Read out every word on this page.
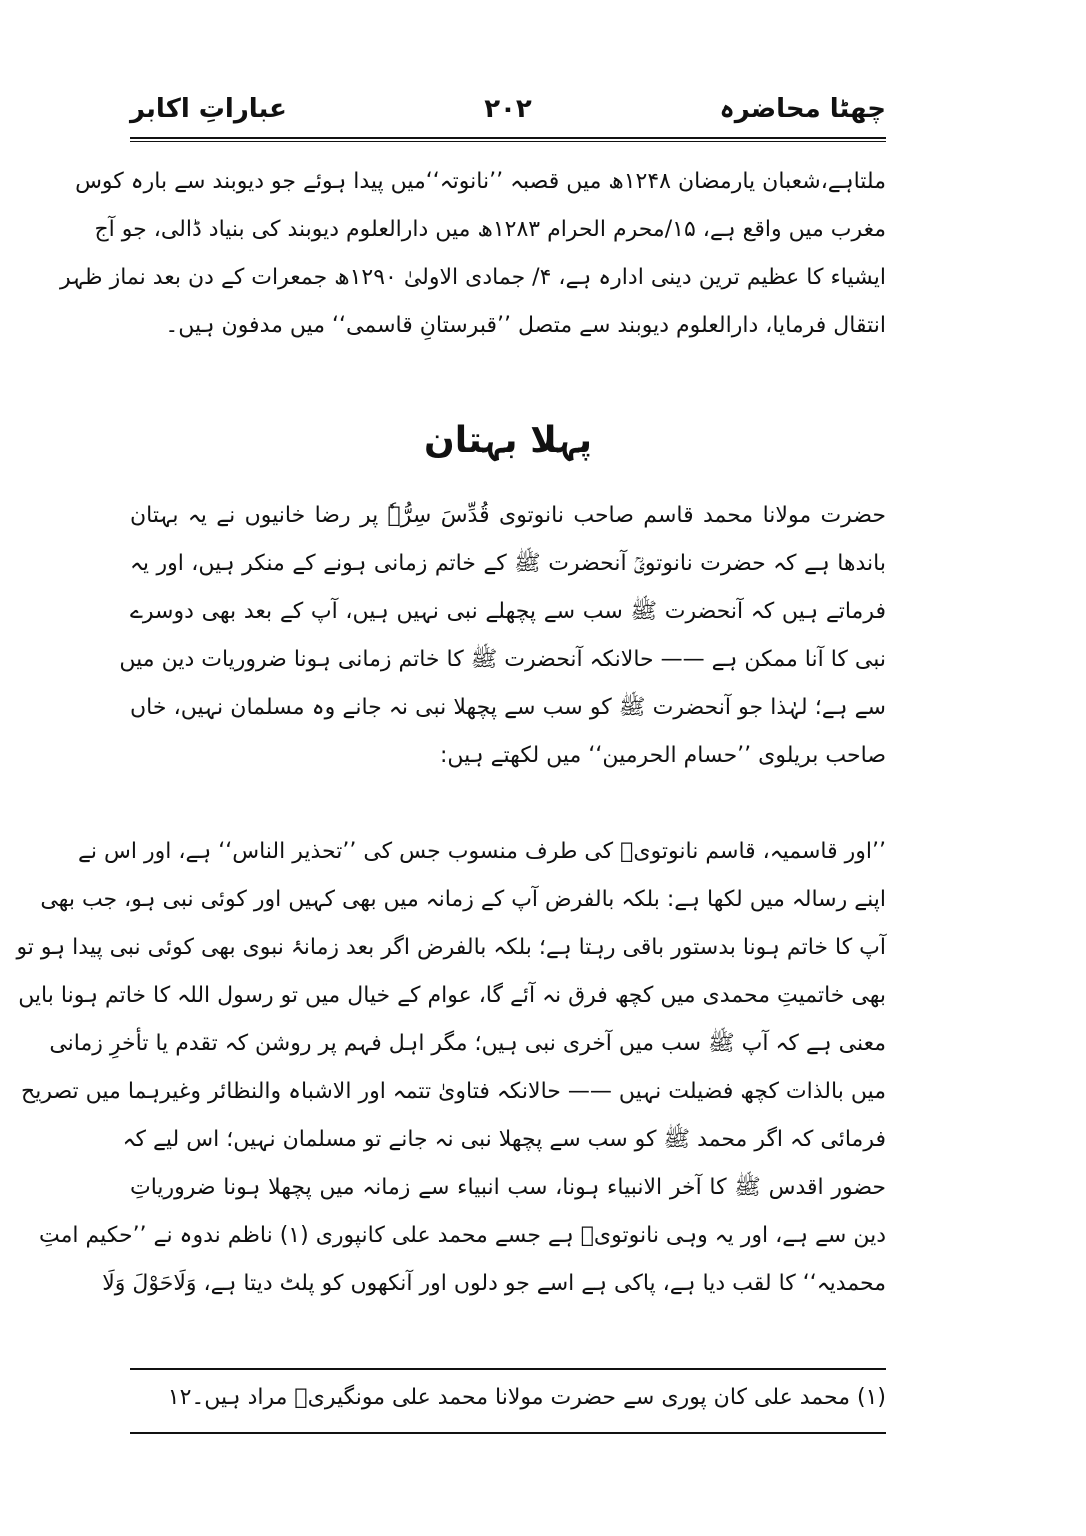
چھٹا محاضرہ
۲۰۲
عباراتِ اکابر
ملتاہے،شعبان یارمضان ۱۲۴۸ھ میں قصبہ ’’نانوتہ‘‘میں پیدا ہوئے جو دیوبند سے بارہ کوس
مغرب میں واقع ہے، ۱۵/محرم الحرام ۱۲۸۳ھ میں دارالعلوم دیوبند کی بنیاد ڈالی، جو آج
ایشیاء کا عظیم ترین دینی ادارہ ہے، ۴/ جمادی الاولیٰ ۱۲۹۰ھ جمعرات کے دن بعد نماز ظہر
انتقال فرمایا، دارالعلوم دیوبند سے متصل ’’قبرستانِ قاسمی‘‘ میں مدفون ہیں۔
پہلا بہتان
حضرت مولانا محمد قاسم صاحب نانوتوی قُدِّسَ سِرُّہٗ پر رضا خانیوں نے یہ بہتان
باندھا ہے کہ حضرت نانوتویؒ آنحضرت ﷺ کے خاتم زمانی ہونے کے منکر ہیں، اور یہ
فرماتے ہیں کہ آنحضرت ﷺ سب سے پچھلے نبی نہیں ہیں، آپ کے بعد بھی دوسرے
نبی کا آنا ممکن ہے —— حالانکہ آنحضرت ﷺ کا خاتم زمانی ہونا ضروریات دین میں
سے ہے؛ لہٰذا جو آنحضرت ﷺ کو سب سے پچھلا نبی نہ جانے وہ مسلمان نہیں، خاں
صاحب بریلوی ’’حسام الحرمین‘‘ میں لکھتے ہیں:
’’اور قاسمیہ، قاسم نانوتویؒ کی طرف منسوب جس کی ’’تحذیر الناس‘‘ ہے، اور اس نے
اپنے رسالہ میں لکھا ہے: بلکہ بالفرض آپ کے زمانہ میں بھی کہیں اور کوئی نبی ہو، جب بھی
آپ کا خاتم ہونا بدستور باقی رہتا ہے؛ بلکہ بالفرض اگر بعد زمانۂ نبوی بھی کوئی نبی پیدا ہو تو
بھی خاتمیتِ محمدی میں کچھ فرق نہ آئے گا، عوام کے خیال میں تو رسول اللہ کا خاتم ہونا بایں
معنی ہے کہ آپ ﷺ سب میں آخری نبی ہیں؛ مگر اہل فہم پر روشن کہ تقدم یا تأخرِ زمانی
میں بالذات کچھ فضیلت نہیں —— حالانکہ فتاویٰ تتمہ اور الاشباہ والنظائر وغیرہما میں تصریح
فرمائی کہ اگر محمد ﷺ کو سب سے پچھلا نبی نہ جانے تو مسلمان نہیں؛ اس لیے کہ
حضور اقدس ﷺ کا آخر الانبیاء ہونا، سب انبیاء سے زمانہ میں پچھلا ہونا ضروریاتِ
دین سے ہے، اور یہ وہی نانوتویؒ ہے جسے محمد علی کانپوری (۱) ناظم ندوہ نے ’’حکیم امتِ
محمدیہ‘‘ کا لقب دیا ہے، پاکی ہے اسے جو دلوں اور آنکھوں کو پلٹ دیتا ہے، وَلَاحَوْلَ وَلَا
(۱) محمد علی کان پوری سے حضرت مولانا محمد علی مونگیریؒ مراد ہیں۔۱۲
